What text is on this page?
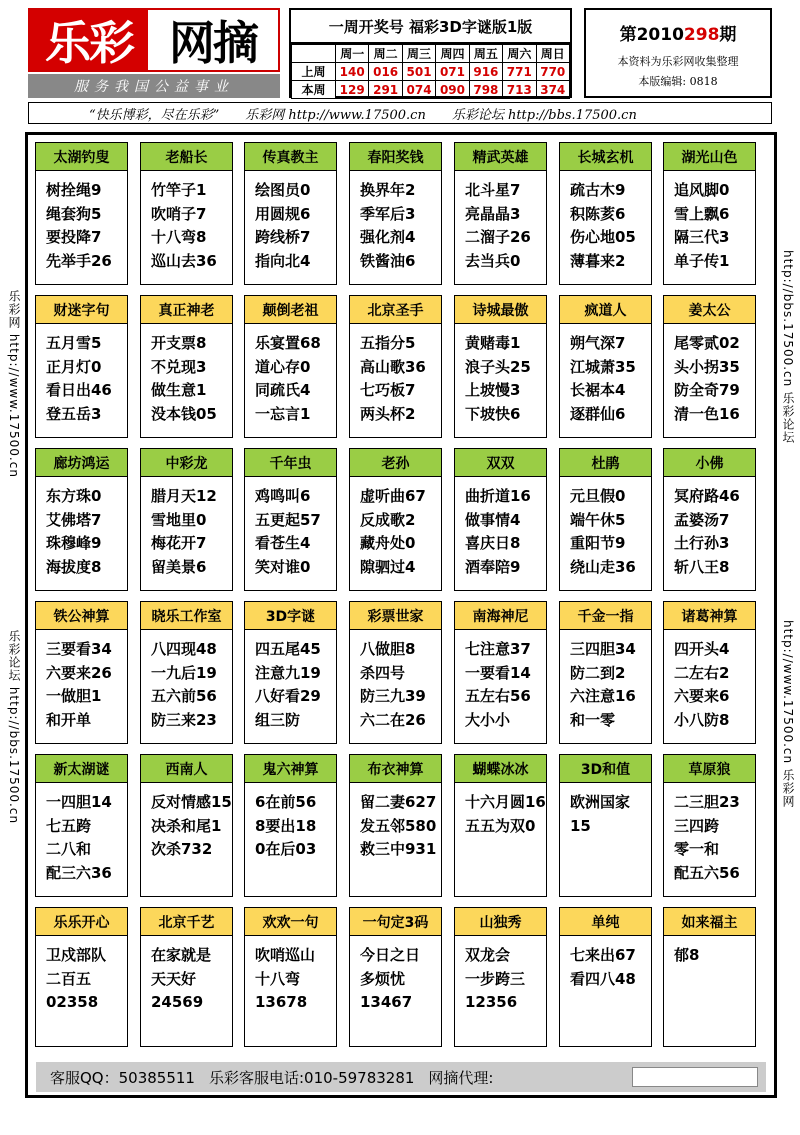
乐彩 网摘
服务我国公益事业
一周开奖号 福彩3D字谜版1版
	周一	周二	周三	周四	周五	周六	周日
上周	140	016	501	071	916	771	770
本周	129	291	074	090	798	713	374
第2010298期
本资料为乐彩网收集整理
本版编辑: 0818
“快乐博彩，尽在乐彩” 乐彩网 http://www.17500.cn 乐彩论坛 http://bbs.17500.cn
乐彩网 http://www.17500.cn
乐彩论坛 http://bbs.17500.cn
http://bbs.17500.cn 乐彩论坛
http://www.17500.cn 乐彩网
太湖钓叟
树拴绳9
绳套狗5
要投降7
先举手26
老船长
竹竿子1
吹哨子7
十八弯8
巡山去36
传真教主
绘图员0
用圆规6
跨线桥7
指向北4
春阳奖钱
换界年2
季军后3
强化剂4
铁酱油6
精武英雄
北斗星7
亮晶晶3
二溜子26
去当兵0
长城玄机
疏古木9
积陈荄6
伤心地05
薄暮来2
湖光山色
追风脚0
雪上飘6
隔三代3
单子传1
财迷字句
五月雪5
正月灯0
看日出46
登五岳3
真正神老
开支票8
不兑现3
做生意1
没本钱05
颠倒老祖
乐宴置68
道心存0
同疏氏4
一忘言1
北京圣手
五指分5
高山歌36
七巧板7
两头杯2
诗城最傲
黄赌毒1
浪子头25
上坡慢3
下坡快6
疯道人
朔气深7
江城萧35
长裾本4
逐群仙6
姜太公
尾零贰02
头小拐35
防全奇79
清一色16
廊坊鸿运
东方珠0
艾佛塔7
珠穆峰9
海拔度8
中彩龙
腊月天12
雪地里0
梅花开7
留美景6
千年虫
鸡鸣叫6
五更起57
看苍生4
笑对谁0
老孙
虚听曲67
反成歌2
藏舟处0
隙驷过4
双双
曲折道16
做事情4
喜庆日8
酒奉陪9
杜鹃
元旦假0
端午休5
重阳节9
绕山走36
小佛
冥府路46
孟婆汤7
土行孙3
斩八王8
铁公神算
三要看34
六要来26
一做胆1
和开单
晓乐工作室
八四现48
一九后19
五六前56
防三来23
3D字谜
四五尾45
注意九19
八好看29
组三防
彩票世家
八做胆8
杀四号
防三九39
六二在26
南海神尼
七注意37
一要看14
五左右56
大小小
千金一指
三四胆34
防二到2
六注意16
和一零
诸葛神算
四开头4
二左右2
六要来6
小八防8
新太湖谜
一四胆14
七五跨
二八和
配三六36
西南人
反对情感15
决杀和尾1
次杀732
鬼六神算
6在前56
8要出18
0在后03
布衣神算
留二妻627
发五邻580
救三中931
蝴蝶冰冰
十六月圆16
五五为双0
3D和值
欧洲国家
15
草原狼
二三胆23
三四跨
零一和
配五六56
乐乐开心
卫戍部队
二百五
02358
北京千艺
在家就是
天天好
24569
欢欢一句
吹哨巡山
十八弯
13678
一句定3码
今日之日
多烦忧
13467
山独秀
双龙会
一步跨三
12356
单纯
七来出67
看四八48
如来福主
郁8
客服QQ：50385511 乐彩客服电话:010-59783281 网摘代理:
